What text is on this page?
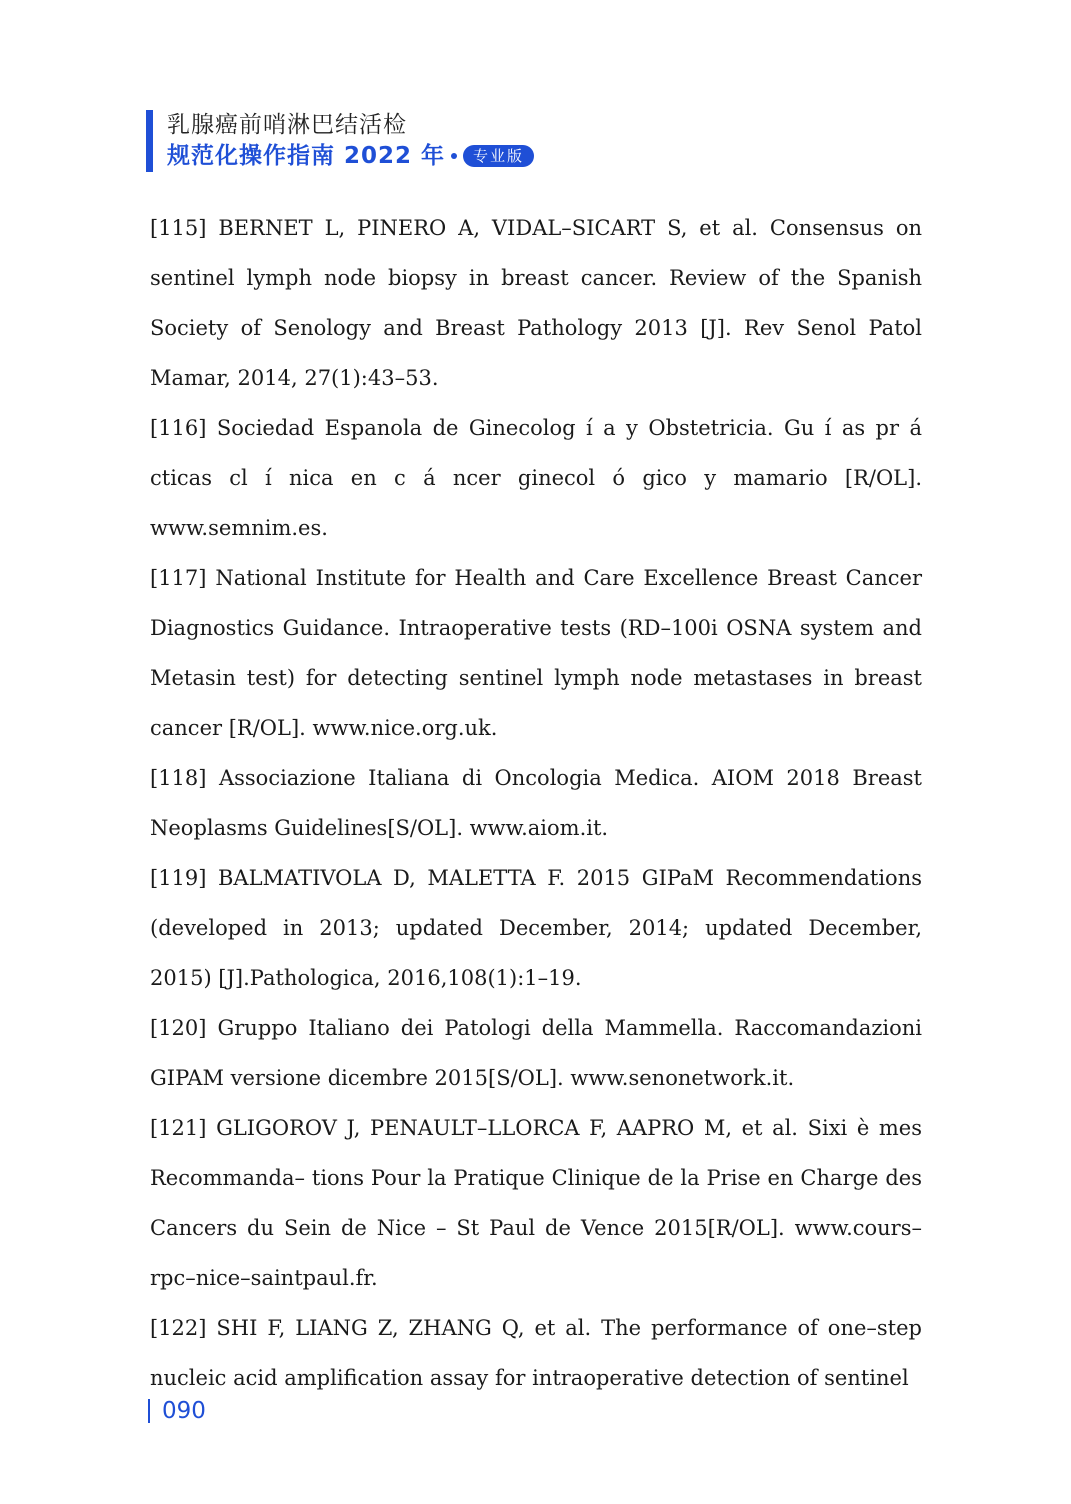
乳腺癌前哨淋巴结活检
规范化操作指南 2022 年	专业版

[115] BERNET L, PINERO A, VIDAL–SICART S, et al. Consensus on sentinel lymph node biopsy in breast cancer. Review of the Spanish Society of Senology and Breast Pathology 2013 [J]. Rev Senol Patol Mamar, 2014, 27(1):43–53.

[116] Sociedad Espanola de Ginecolog í a y Obstetricia. Gu í as pr á cticas cl í nica en c á ncer ginecol ó gico y mamario [R/OL]. www.semnim.es.

[117] National Institute for Health and Care Excellence Breast Cancer Diagnostics Guidance. Intraoperative tests (RD–100i OSNA system and Metasin test) for detecting sentinel lymph node metastases in breast cancer [R/OL]. www.nice.org.uk.

[118] Associazione Italiana di Oncologia Medica. AIOM 2018 Breast Neoplasms Guidelines[S/OL]. www.aiom.it.

[119] BALMATIVOLA D, MALETTA F. 2015 GIPaM Recommendations (developed in 2013; updated December, 2014; updated December, 2015) [J].Pathologica, 2016,108(1):1–19.

[120] Gruppo Italiano dei Patologi della Mammella. Raccomandazioni GIPAM versione dicembre 2015[S/OL]. www.senonetwork.it.

[121] GLIGOROV J, PENAULT–LLORCA F, AAPRO M, et al. Sixi è mes Recommanda– tions Pour la Pratique Clinique de la Prise en Charge des Cancers du Sein de Nice – St Paul de Vence 2015[R/OL]. www.cours–rpc–nice–saintpaul.fr.

[122] SHI F, LIANG Z, ZHANG Q, et al. The performance of one–step nucleic acid amplification assay for intraoperative detection of sentinel

090
